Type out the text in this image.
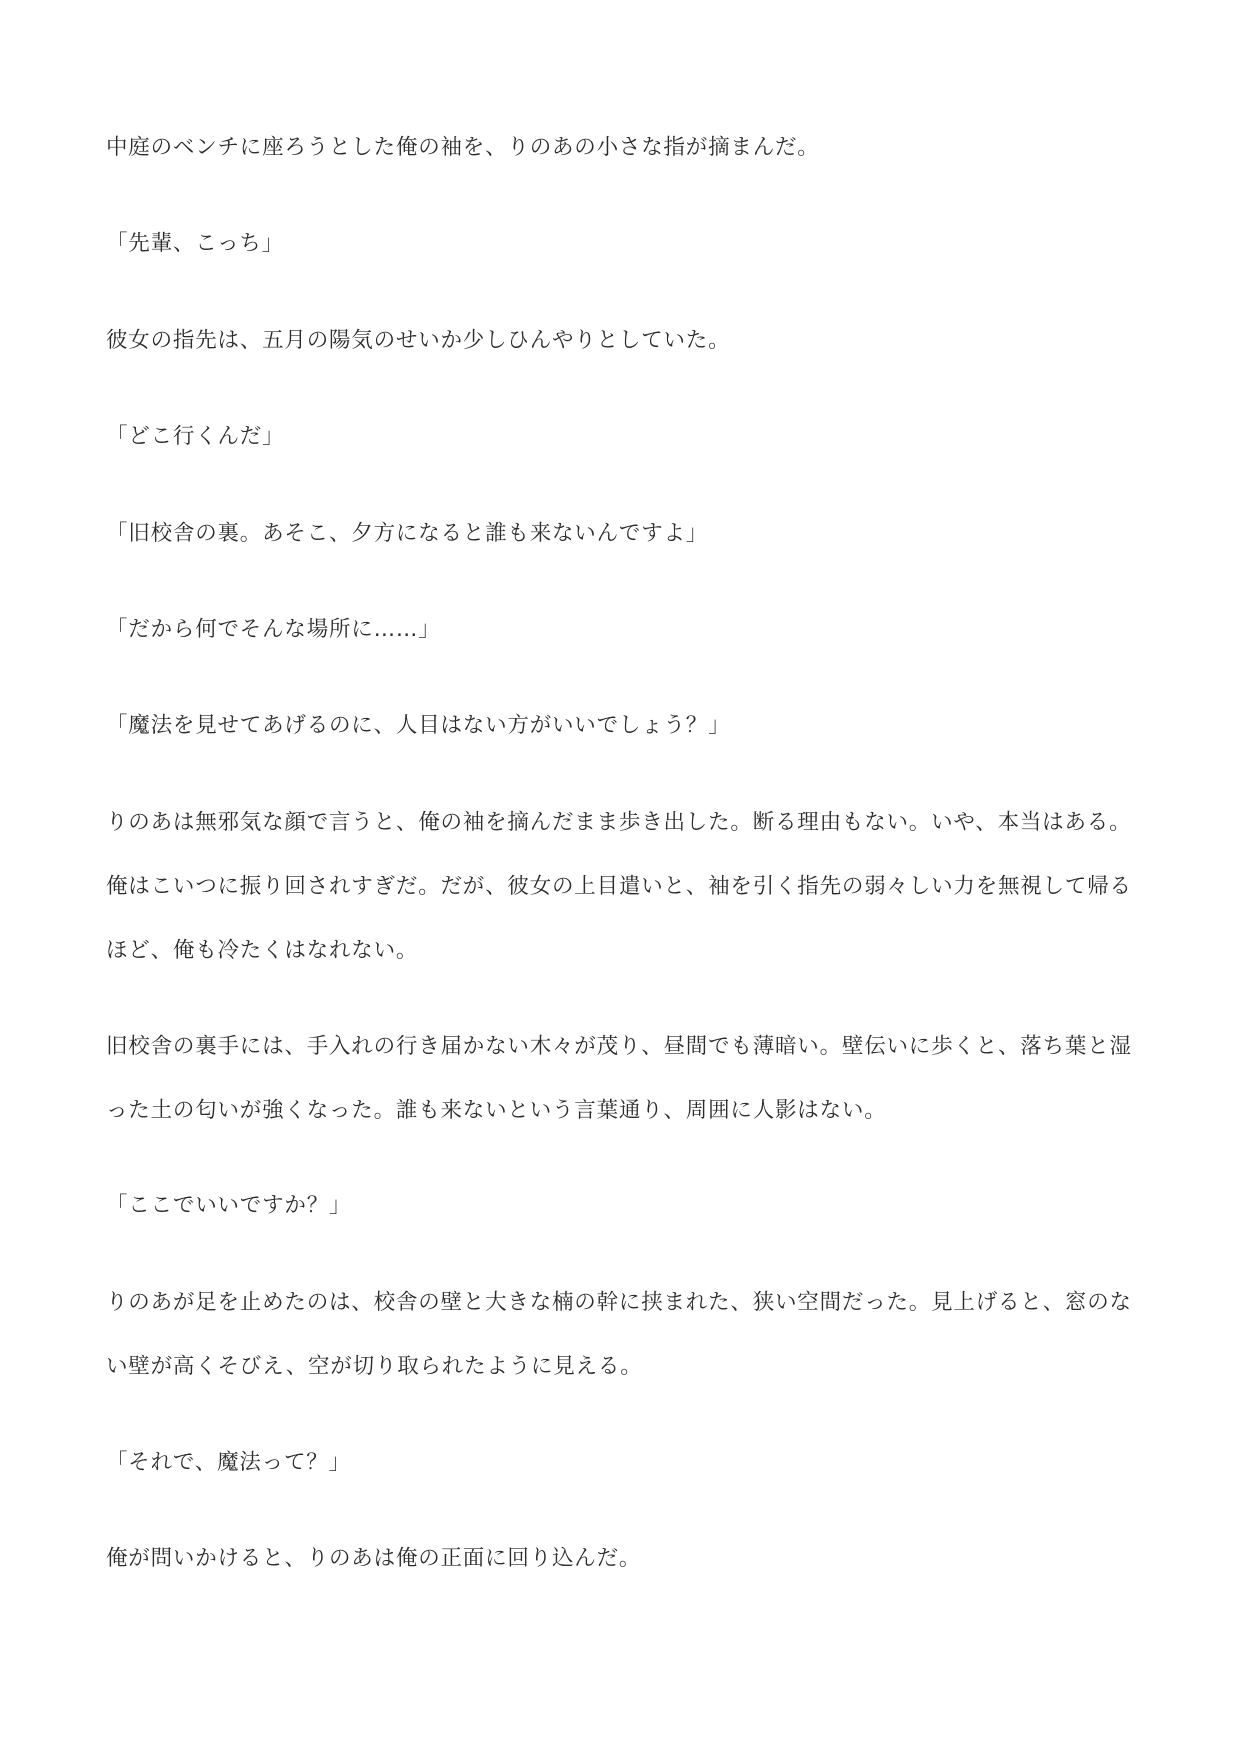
中庭のベンチに座ろうとした俺の袖を、りのあの小さな指が摘まんだ。

「先輩、こっち」

彼女の指先は、五月の陽気のせいか少しひんやりとしていた。

「どこ行くんだ」

「旧校舎の裏。あそこ、夕方になると誰も来ないんですよ」

「だから何でそんな場所に……」

「魔法を見せてあげるのに、人目はない方がいいでしょう？」

りのあは無邪気な顔で言うと、俺の袖を摘んだまま歩き出した。断る理由もない。いや、本当はある。俺はこいつに振り回されすぎだ。だが、彼女の上目遣いと、袖を引く指先の弱々しい力を無視して帰るほど、俺も冷たくはなれない。

旧校舎の裏手には、手入れの行き届かない木々が茂り、昼間でも薄暗い。壁伝いに歩くと、落ち葉と湿った土の匂いが強くなった。誰も来ないという言葉通り、周囲に人影はない。

「ここでいいですか？」

りのあが足を止めたのは、校舎の壁と大きな楠の幹に挟まれた、狭い空間だった。見上げると、窓のない壁が高くそびえ、空が切り取られたように見える。

「それで、魔法って？」

俺が問いかけると、りのあは俺の正面に回り込んだ。
